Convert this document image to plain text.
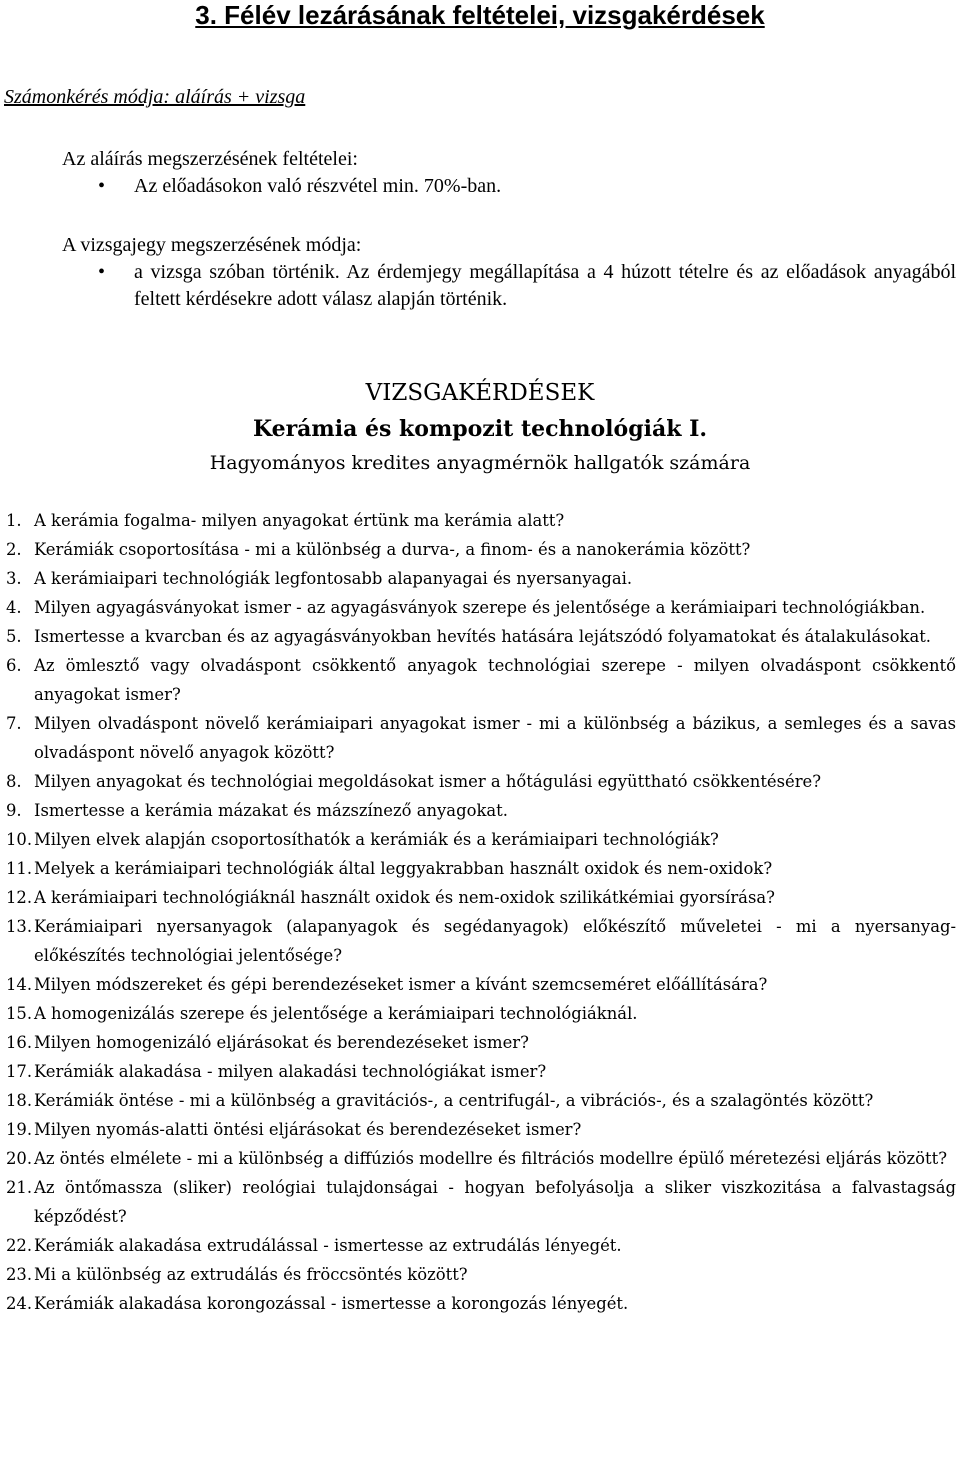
3. Félév lezárásának feltételei, vizsgakérdések
Számonkérés módja: aláírás + vizsga

Az aláírás megszerzésének feltételei:

•	Az előadásokon való részvétel min. 70%-ban.

A vizsgajegy megszerzésének módja:

•	a vizsga szóban történik. Az érdemjegy megállapítása a 4 húzott tételre és az előadások anyagából feltett kérdésekre adott válasz alapján történik.
VIZSGAKÉRDÉSEK
Kerámia és kompozit technológiák I.
Hagyományos kredites anyagmérnök hallgatók számára
1. A kerámia fogalma- milyen anyagokat értünk ma kerámia alatt?
2. Kerámiák csoportosítása - mi a különbség a durva-, a finom- és a nanokerámia között?
3. A kerámiaipari technológiák legfontosabb alapanyagai és nyersanyagai.
4. Milyen agyagásványokat ismer - az agyagásványok szerepe és jelentősége a kerámiaipari technológiákban.
5. Ismertesse a kvarcban és az agyagásványokban hevítés hatására lejátszódó folyamatokat és átalakulásokat.
6. Az ömlesztő vagy olvadáspont csökkentő anyagok technológiai szerepe - milyen olvadáspont csökkentő anyagokat ismer?
7. Milyen olvadáspont növelő kerámiaipari anyagokat ismer - mi a különbség a bázikus, a semleges és a savas olvadáspont növelő anyagok között?
8. Milyen anyagokat és technológiai megoldásokat ismer a hőtágulási együttható csökkentésére?
9. Ismertesse a kerámia mázakat és mázszínező anyagokat.
10. Milyen elvek alapján csoportosíthatók a kerámiák és a kerámiaipari technológiák?
11. Melyek a kerámiaipari technológiák által leggyakrabban használt oxidok és nem-oxidok?
12. A kerámiaipari technológiáknál használt oxidok és nem-oxidok szilikátkémiai gyorsírása?
13. Kerámiaipari nyersanyagok (alapanyagok és segédanyagok) előkészítő műveletei - mi a nyersanyag-előkészítés technológiai jelentősége?
14. Milyen módszereket és gépi berendezéseket ismer a kívánt szemcseméret előállítására?
15. A homogenizálás szerepe és jelentősége a kerámiaipari technológiáknál.
16. Milyen homogenizáló eljárásokat és berendezéseket ismer?
17. Kerámiák alakadása - milyen alakadási technológiákat ismer?
18. Kerámiák öntése - mi a különbség a gravitációs-, a centrifugál-, a vibrációs-, és a szalagöntés között?
19. Milyen nyomás-alatti öntési eljárásokat és berendezéseket ismer?
20. Az öntés elmélete - mi a különbség a diffúziós modellre és filtrációs modellre épülő méretezési eljárás között?
21. Az öntőmassza (sliker) reológiai tulajdonságai - hogyan befolyásolja a sliker viszkozitása a falvastagság képződést?
22. Kerámiák alakadása extrudálással - ismertesse az extrudálás lényegét.
23. Mi a különbség az extrudálás és fröccsöntés között?
24. Kerámiák alakadása korongozással - ismertesse a korongozás lényegét.
